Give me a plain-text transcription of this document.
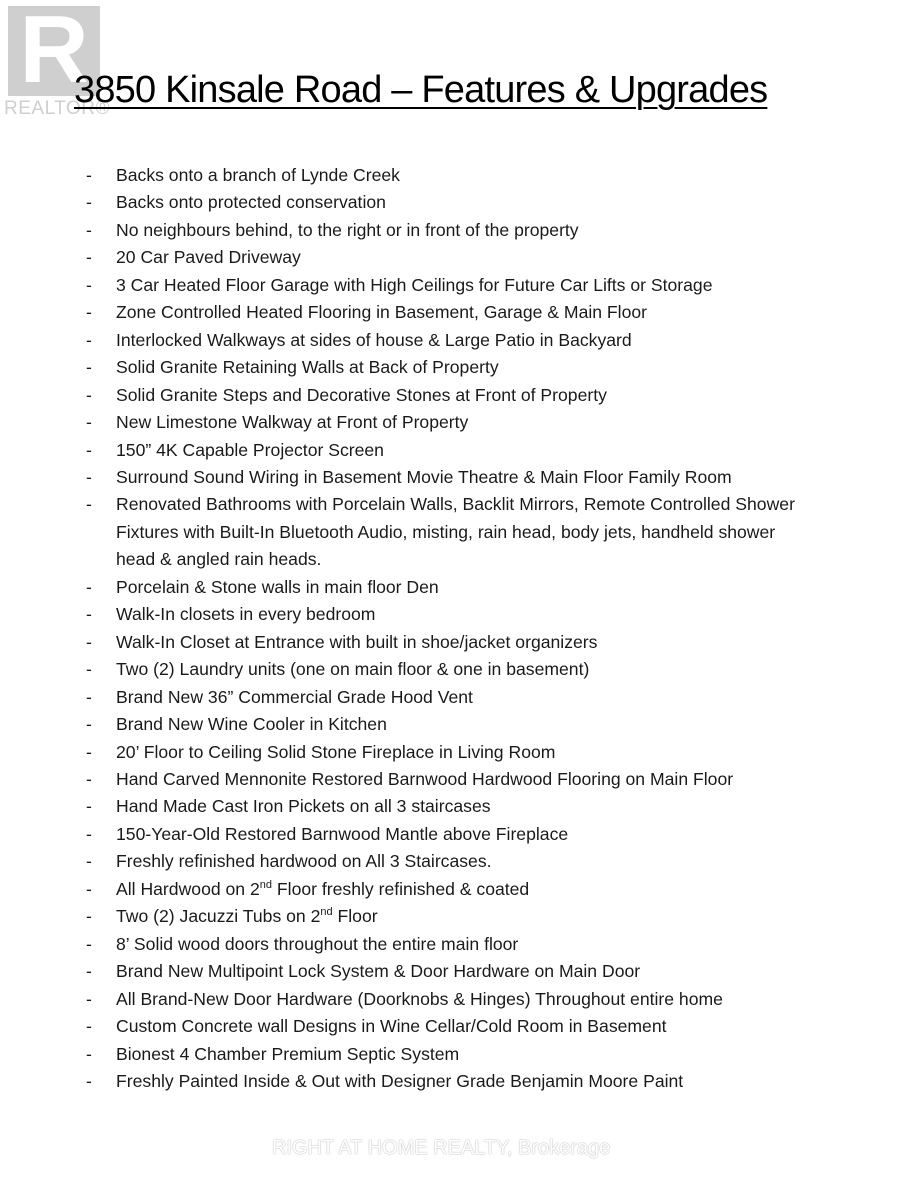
R
REALTOR®
3850 Kinsale Road – Features & Upgrades
- Backs onto a branch of Lynde Creek
- Backs onto protected conservation
- No neighbours behind, to the right or in front of the property
- 20 Car Paved Driveway
- 3 Car Heated Floor Garage with High Ceilings for Future Car Lifts or Storage
- Zone Controlled Heated Flooring in Basement, Garage & Main Floor
- Interlocked Walkways at sides of house & Large Patio in Backyard
- Solid Granite Retaining Walls at Back of Property
- Solid Granite Steps and Decorative Stones at Front of Property
- New Limestone Walkway at Front of Property
- 150” 4K Capable Projector Screen
- Surround Sound Wiring in Basement Movie Theatre & Main Floor Family Room
- Renovated Bathrooms with Porcelain Walls, Backlit Mirrors, Remote Controlled Shower Fixtures with Built-In Bluetooth Audio, misting, rain head, body jets, handheld shower head & angled rain heads.
- Porcelain & Stone walls in main floor Den
- Walk-In closets in every bedroom
- Walk-In Closet at Entrance with built in shoe/jacket organizers
- Two (2) Laundry units (one on main floor & one in basement)
- Brand New 36” Commercial Grade Hood Vent
- Brand New Wine Cooler in Kitchen
- 20’ Floor to Ceiling Solid Stone Fireplace in Living Room
- Hand Carved Mennonite Restored Barnwood Hardwood Flooring on Main Floor
- Hand Made Cast Iron Pickets on all 3 staircases
- 150-Year-Old Restored Barnwood Mantle above Fireplace
- Freshly refinished hardwood on All 3 Staircases.
- All Hardwood on 2nd Floor freshly refinished & coated
- Two (2) Jacuzzi Tubs on 2nd Floor
- 8’ Solid wood doors throughout the entire main floor
- Brand New Multipoint Lock System & Door Hardware on Main Door
- All Brand-New Door Hardware (Doorknobs & Hinges) Throughout entire home
- Custom Concrete wall Designs in Wine Cellar/Cold Room in Basement
- Bionest 4 Chamber Premium Septic System
- Freshly Painted Inside & Out with Designer Grade Benjamin Moore Paint
RIGHT AT HOME REALTY, Brokerage
